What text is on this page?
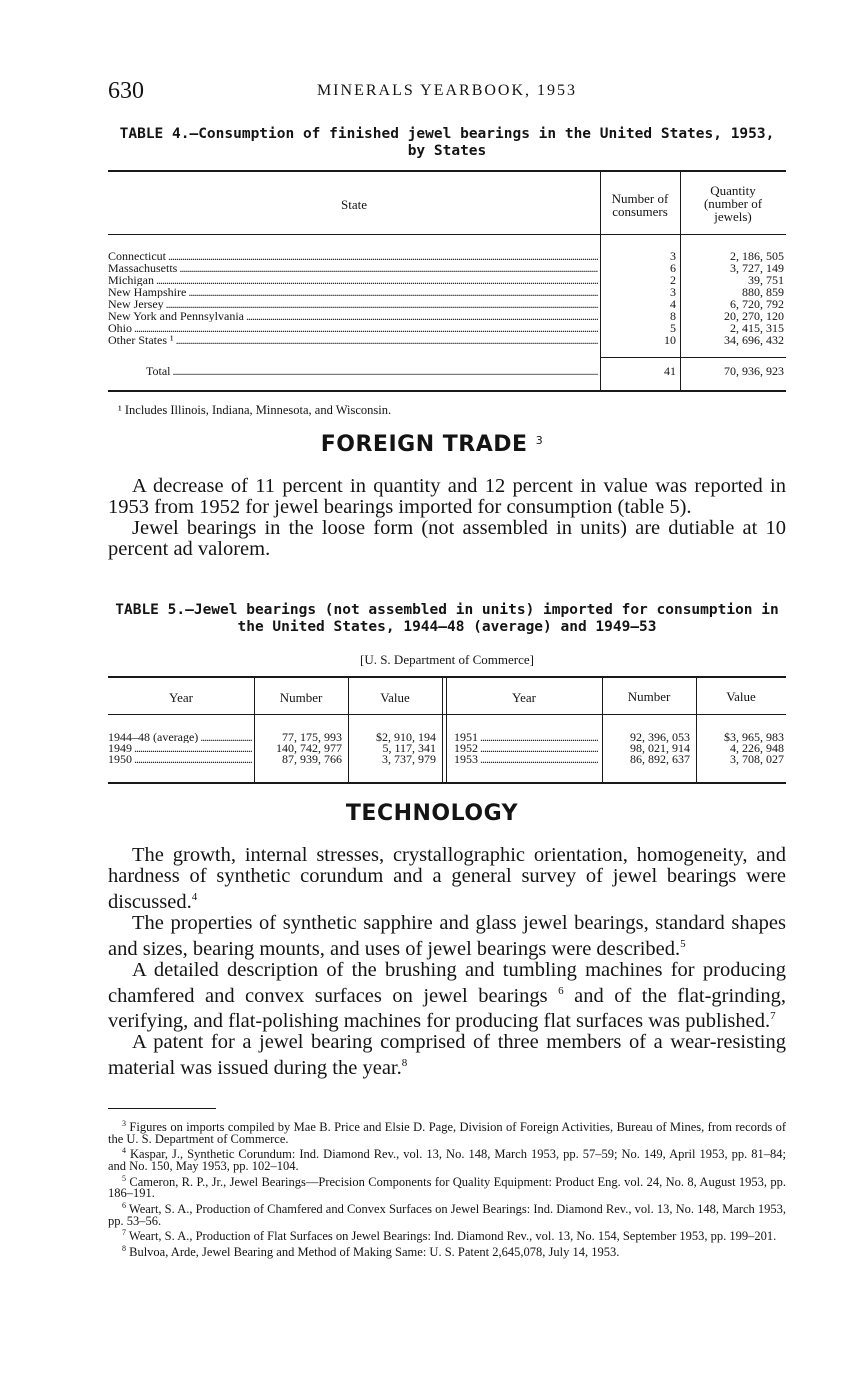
630	MINERALS YEARBOOK, 1953
TABLE 4.—Consumption of finished jewel bearings in the United States, 1953,
by States
State	Number of
consumers
Quantity
(number of
jewels)
Connecticut .....	3	2, 186, 505
Massachusetts .....	6	3, 727, 149
Michigan .....	2	39, 751
New Hampshire .....	3	880, 859
New Jersey .....	4	6, 720, 792
New York and Pennsylvania .....	8	20, 270, 120
Ohio .....	5	2, 415, 315
Other States ¹ .....	10	34, 696, 432
Total .....	41	70, 936, 923
¹ Includes Illinois, Indiana, Minnesota, and Wisconsin.
FOREIGN TRADE $^3$

A decrease of 11 percent in quantity and 12 percent in value was reported in 1953 from 1952 for jewel bearings imported for consumption (table 5).

Jewel bearings in the loose form (not assembled in units) are dutiable at 10 percent ad valorem.

TABLE 5.—Jewel bearings (not assembled in units) imported for consumption in
the United States, 1944—48 (average) and 1949–53
[U. S. Department of Commerce]
Year	Number	Value	Year	Number	Value
1944–48 (average) .....	77, 175, 993	$2, 910, 194
1949 .....	140, 742, 977	5, 117, 341
1950 .....	87, 939, 766	3, 737, 979
1951 .....	92, 396, 053	$3, 965, 983
1952 .....	98, 021, 914	4, 226, 948
1953 .....	86, 892, 637	3, 708, 027
TECHNOLOGY

The growth, internal stresses, crystallographic orientation, homogeneity, and hardness of synthetic corundum and a general survey of jewel bearings were discussed.$^4$

The properties of synthetic sapphire and glass jewel bearings, standard shapes and sizes, bearing mounts, and uses of jewel bearings were described.$^5$

A detailed description of the brushing and tumbling machines for producing chamfered and convex surfaces on jewel bearings $^6$ and of the flat-grinding, verifying, and flat-polishing machines for producing flat surfaces was published.$^7$

A patent for a jewel bearing comprised of three members of a wear-resisting material was issued during the year.$^8$

$^3$ Figures on imports compiled by Mae B. Price and Elsie D. Page, Division of Foreign Activities, Bureau of Mines, from records of the U. S. Department of Commerce.

$^4$ Kaspar, J., Synthetic Corundum: Ind. Diamond Rev., vol. 13, No. 148, March 1953, pp. 57–59; No. 149, April 1953, pp. 81–84; and No. 150, May 1953, pp. 102–104.

$^5$ Cameron, R. P., Jr., Jewel Bearings—Precision Components for Quality Equipment: Product Eng. vol. 24, No. 8, August 1953, pp. 186–191.

$^6$ Weart, S. A., Production of Chamfered and Convex Surfaces on Jewel Bearings: Ind. Diamond Rev., vol. 13, No. 148, March 1953, pp. 53–56.

$^7$ Weart, S. A., Production of Flat Surfaces on Jewel Bearings: Ind. Diamond Rev., vol. 13, No. 154, September 1953, pp. 199–201.

$^8$ Bulvoa, Arde, Jewel Bearing and Method of Making Same: U. S. Patent 2,645,078, July 14, 1953.
